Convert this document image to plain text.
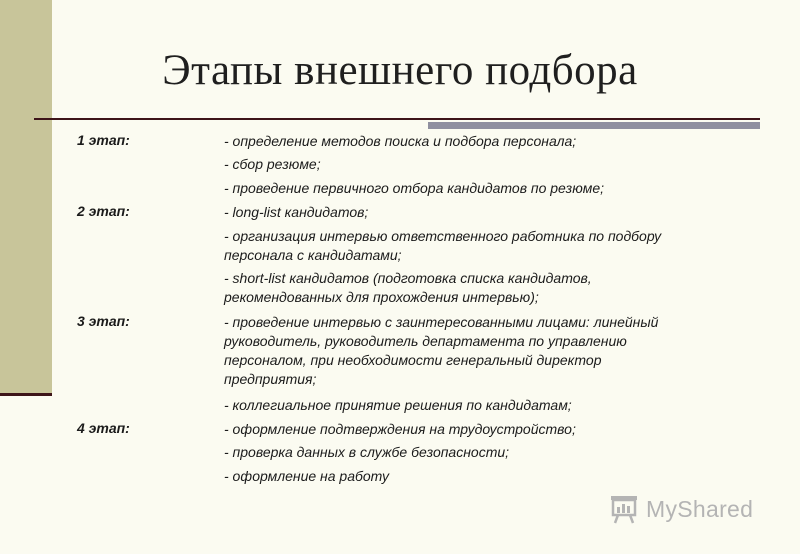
Этапы внешнего подбора
1 этап:	- определение методов поиска и подбора персонала;
- сбор резюме;
- проведение первичного отбора кандидатов по резюме;
2 этап:	- long-list кандидатов;
- организация интервью ответственного работника по подбору персонала с кандидатами;
- short-list кандидатов (подготовка списка кандидатов, рекомендованных для прохождения интервью);
3 этап:	- проведение интервью с заинтересованными лицами: линейный руководитель, руководитель департамента по управлению персоналом, при необходимости генеральный директор предприятия;
- коллегиальное принятие решения по кандидатам;
4 этап:	- оформление подтверждения на трудоустройство;
- проверка данных в службе безопасности;
- оформление на работу
MyShared
